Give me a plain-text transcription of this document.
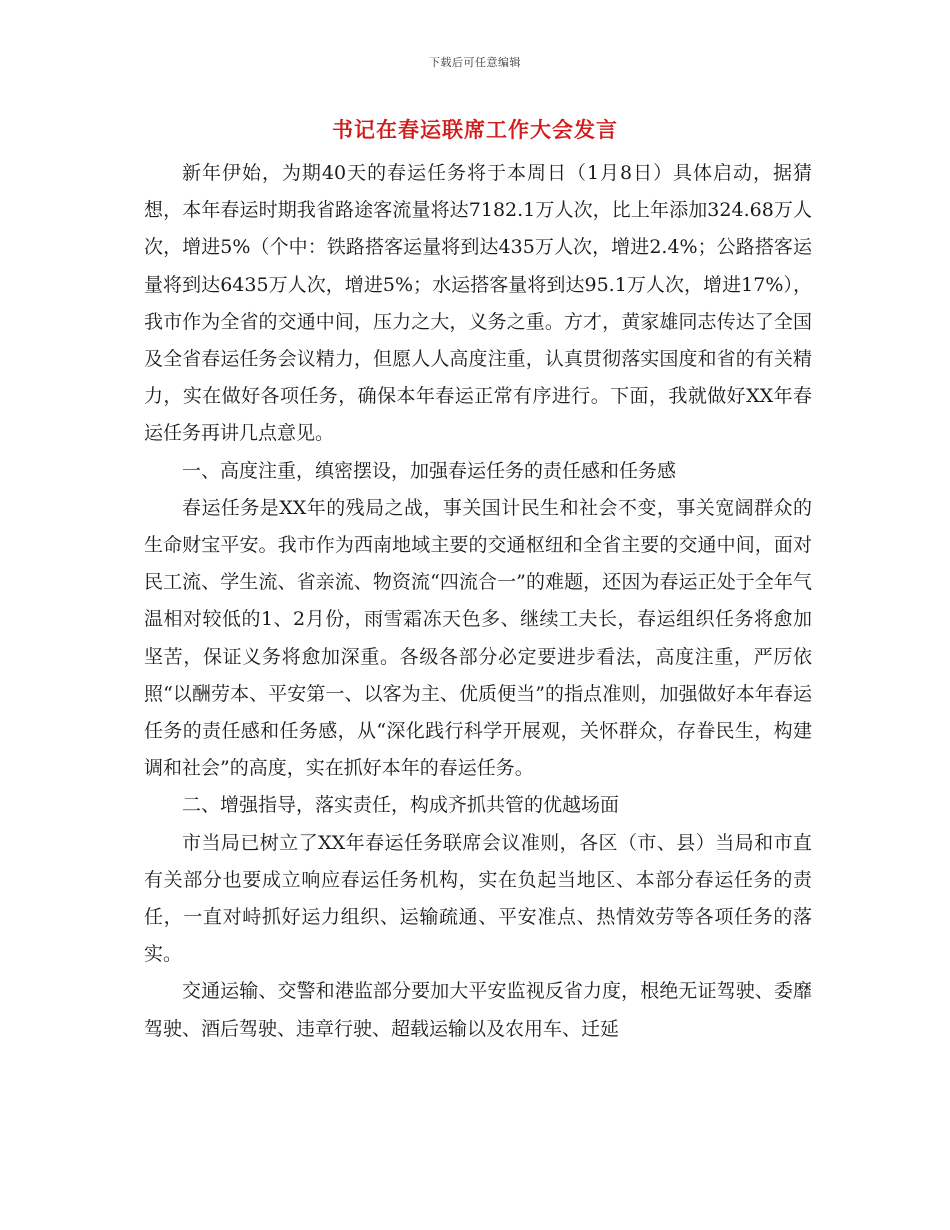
下载后可任意编辑
书记在春运联席工作大会发言

新年伊始，为期40天的春运任务将于本周日（1月8日）具体启动，据猜想，本年春运时期我省路途客流量将达7182.1万人次，比上年添加324.68万人次，增进5%（个中：铁路搭客运量将到达435万人次，增进2.4%；公路搭客运量将到达6435万人次，增进5%；水运搭客量将到达95.1万人次，增进17%），我市作为全省的交通中间，压力之大，义务之重。方才，黄家雄同志传达了全国及全省春运任务会议精力，但愿人人高度注重，认真贯彻落实国度和省的有关精力，实在做好各项任务，确保本年春运正常有序进行。下面，我就做好XX年春运任务再讲几点意见。

一、高度注重，缜密摆设，加强春运任务的责任感和任务感

春运任务是XX年的残局之战，事关国计民生和社会不变，事关宽阔群众的生命财宝平安。我市作为西南地域主要的交通枢纽和全省主要的交通中间，面对民工流、学生流、省亲流、物资流“四流合一”的难题，还因为春运正处于全年气温相对较低的1、2月份，雨雪霜冻天色多、继续工夫长，春运组织任务将愈加坚苦，保证义务将愈加深重。各级各部分必定要进步看法，高度注重，严厉依照“以酬劳本、平安第一、以客为主、优质便当”的指点准则，加强做好本年春运任务的责任感和任务感，从“深化践行科学开展观，关怀群众，存眷民生，构建调和社会”的高度，实在抓好本年的春运任务。

二、增强指导，落实责任，构成齐抓共管的优越场面

市当局已树立了XX年春运任务联席会议准则，各区（市、县）当局和市直有关部分也要成立响应春运任务机构，实在负起当地区、本部分春运任务的责任，一直对峙抓好运力组织、运输疏通、平安准点、热情效劳等各项任务的落实。

交通运输、交警和港监部分要加大平安监视反省力度，根绝无证驾驶、委靡驾驶、酒后驾驶、违章行驶、超载运输以及农用车、迁延
